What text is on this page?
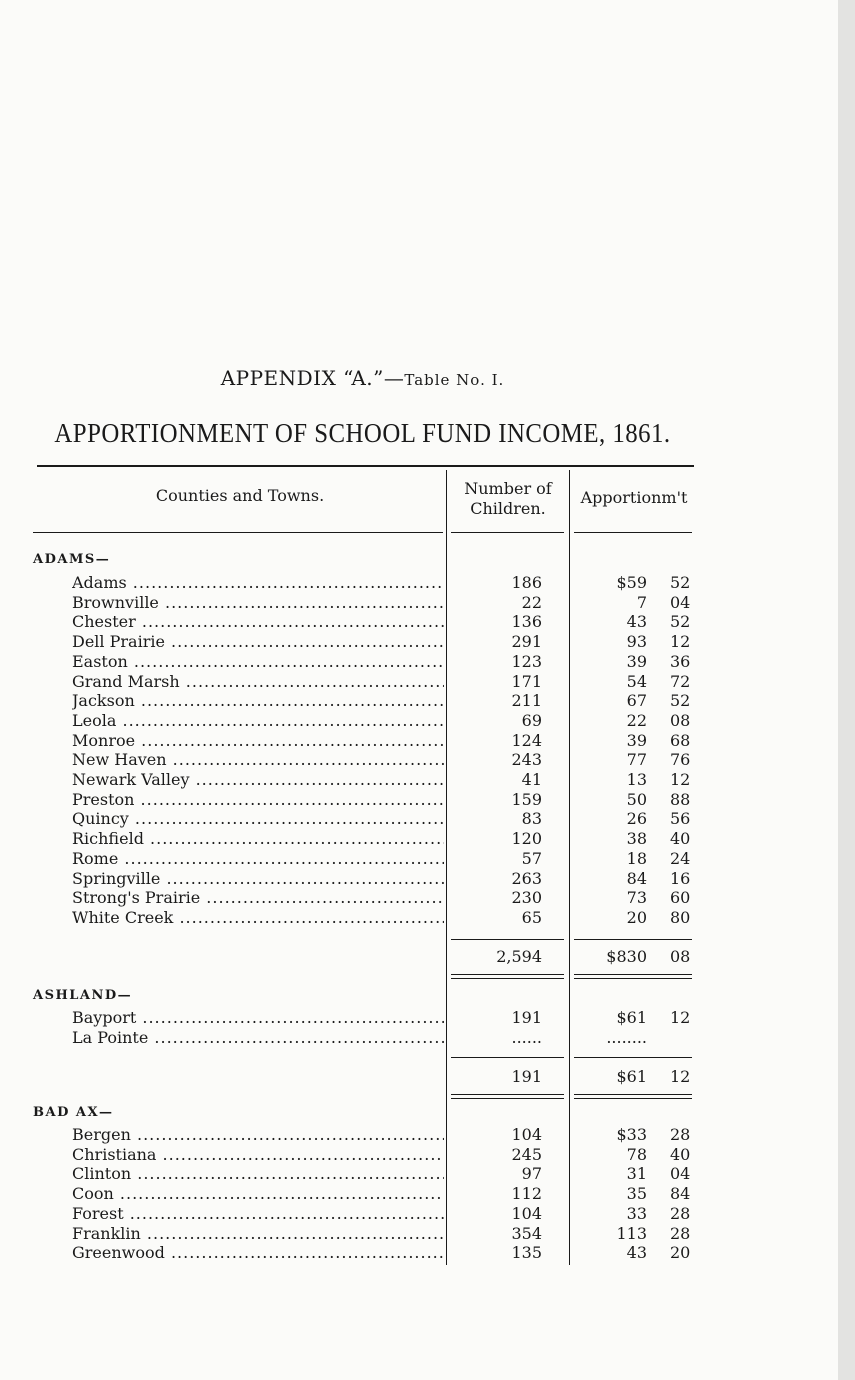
APPENDIX “A.”—Table No. I.
APPORTIONMENT OF SCHOOL FUND INCOME, 1861.
Counties and Towns.	Number of
Children.
Apportionm't
ADAMS—
Adams .....	186	$59 52
Brownville .....	22	7 04
Chester .....	136	43 52
Dell Prairie .....	291	93 12
Easton .....	123	39 36
Grand Marsh .....	171	54 72
Jackson .....	211	67 52
Leola .....	69	22 08
Monroe .....	124	39 68
New Haven .....	243	77 76
Newark Valley .....	41	13 12
Preston .....	159	50 88
Quincy .....	83	26 56
Richfield .....	120	38 40
Rome .....	57	18 24
Springville .....	263	84 16
Strong's Prairie .....	230	73 60
White Creek .....	65	20 80
2,594	$830 08
ASHLAND—
Bayport .....	191	$61 12
La Pointe .....	......	........
191	$61 12
BAD AX—
Bergen .....	104	$33 28
Christiana .....	245	78 40
Clinton .....	97	31 04
Coon .....	112	35 84
Forest .....	104	33 28
Franklin .....	354	113 28
Greenwood .....	135	43 20
